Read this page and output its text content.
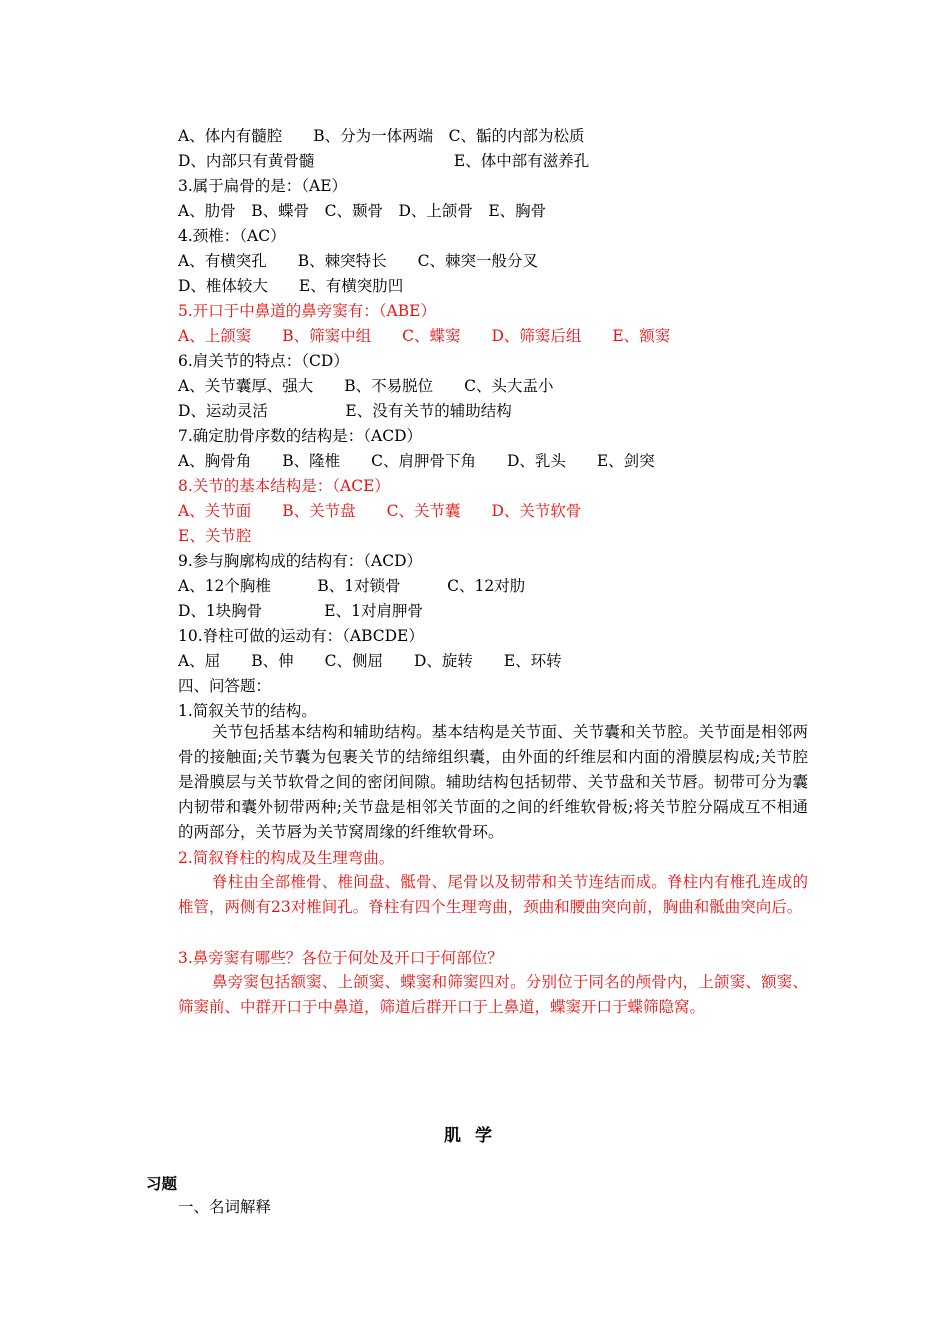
A、体内有髓腔　　B、分为一体两端　C、骺的内部为松质
D、内部只有黄骨髓　　　　　　　　　E、体中部有滋养孔
3.属于扁骨的是：（AE）
A、肋骨　B、蝶骨　C、颞骨　D、上颌骨　E、胸骨
4.颈椎：（AC）
A、有横突孔　　B、棘突特长　　C、棘突一般分叉
D、椎体较大　　E、有横突肋凹
5.开口于中鼻道的鼻旁窦有：（ABE）
A、上颌窦　　B、筛窦中组　　C、蝶窦　　D、筛窦后组　　E、额窦
6.肩关节的特点：（CD）
A、关节囊厚、强大　　B、不易脱位　　C、头大盂小
D、运动灵活　　　　　E、没有关节的辅助结构
7.确定肋骨序数的结构是：（ACD）
A、胸骨角　　B、隆椎　　C、肩胛骨下角　　D、乳头　　E、剑突
8.关节的基本结构是：（ACE）
A、关节面　　B、关节盘　　C、关节囊　　D、关节软骨
E、关节腔
9.参与胸廓构成的结构有：（ACD）
A、12个胸椎　　　B、1对锁骨　　　C、12对肋
D、1块胸骨　　　　E、1对肩胛骨
10.脊柱可做的运动有：（ABCDE）
A、屈　　B、伸　　C、侧屈　　D、旋转　　E、环转
四、问答题：
1.简叙关节的结构。

关节包括基本结构和辅助结构。基本结构是关节面、关节囊和关节腔。关节面是相邻两骨的接触面;关节囊为包裹关节的结缔组织囊，由外面的纤维层和内面的滑膜层构成;关节腔是滑膜层与关节软骨之间的密闭间隙。辅助结构包括韧带、关节盘和关节唇。韧带可分为囊内韧带和囊外韧带两种;关节盘是相邻关节面的之间的纤维软骨板;将关节腔分隔成互不相通的两部分，关节唇为关节窝周缘的纤维软骨环。

2.简叙脊柱的构成及生理弯曲。

脊柱由全部椎骨、椎间盘、骶骨、尾骨以及韧带和关节连结而成。脊柱内有椎孔连成的椎管，两侧有23对椎间孔。脊柱有四个生理弯曲，颈曲和腰曲突向前，胸曲和骶曲突向后。

3.鼻旁窦有哪些？各位于何处及开口于何部位？

鼻旁窦包括额窦、上颌窦、蝶窦和筛窦四对。分别位于同名的颅骨内，上颌窦、额窦、筛窦前、中群开口于中鼻道，筛道后群开口于上鼻道，蝶窦开口于蝶筛隐窝。

肌学
习题
一、名词解释
